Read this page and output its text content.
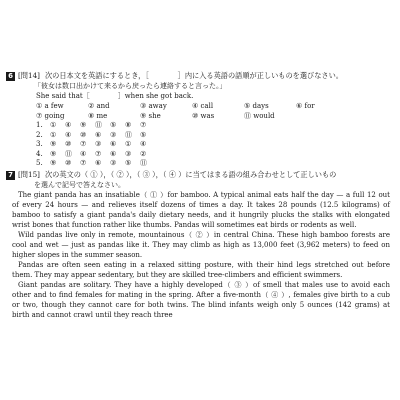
6 [問14] 次の日本文を英語にするとき，［　　　　］内に入る英語の語順が正しいものを選びなさい。
「彼女は数口出かけて来るから戻ったら連絡すると言った。」
She said that［　　　　］when she got back.
① a few	② and	③ away	④ call	⑤ days	⑥ for
⑦ going	⑧ me	⑨ she	⑩ was	⑪ would
1.	①	④	⑨	⑪	⑤	⑧	⑦
2.	①	④	⑩	⑥	③	⑪	⑤
3.	⑨	⑩	⑦	③	⑥	①	④
4.	⑨	⑪	④	⑦	⑥	③	②
5.	⑨	⑩	⑦	⑥	③	⑤	⑪
7 [問15] 次の英文の（ ① ），（ ② ），（ ③ ），（ ④ ）に当てはまる語の組み合わせとして正しいもの
を選んで記号で答えなさい。
The giant panda has an insatiable（ ① ）for bamboo. A typical animal eats half the day — a full 12 out of every 24 hours — and relieves itself dozens of times a day. It takes 28 pounds (12.5 kilograms) of bamboo to satisfy a giant panda's daily dietary needs, and it hungrily plucks the stalks with elongated wrist bones that function rather like thumbs. Pandas will sometimes eat birds or rodents as well.
Wild pandas live only in remote, mountainous（ ② ）in central China. These high bamboo forests are cool and wet — just as pandas like it. They may climb as high as 13,000 feet (3,962 meters) to feed on higher slopes in the summer season.
Pandas are often seen eating in a relaxed sitting posture, with their hind legs stretched out before them. They may appear sedentary, but they are skilled tree-climbers and efficient swimmers.
Giant pandas are solitary. They have a highly developed（ ③ ）of smell that males use to avoid each other and to find females for mating in the spring. After a five-month（ ④ ）, females give birth to a cub or two, though they cannot care for both twins. The blind infants weigh only 5 ounces (142 grams) at birth and cannot crawl until they reach three
